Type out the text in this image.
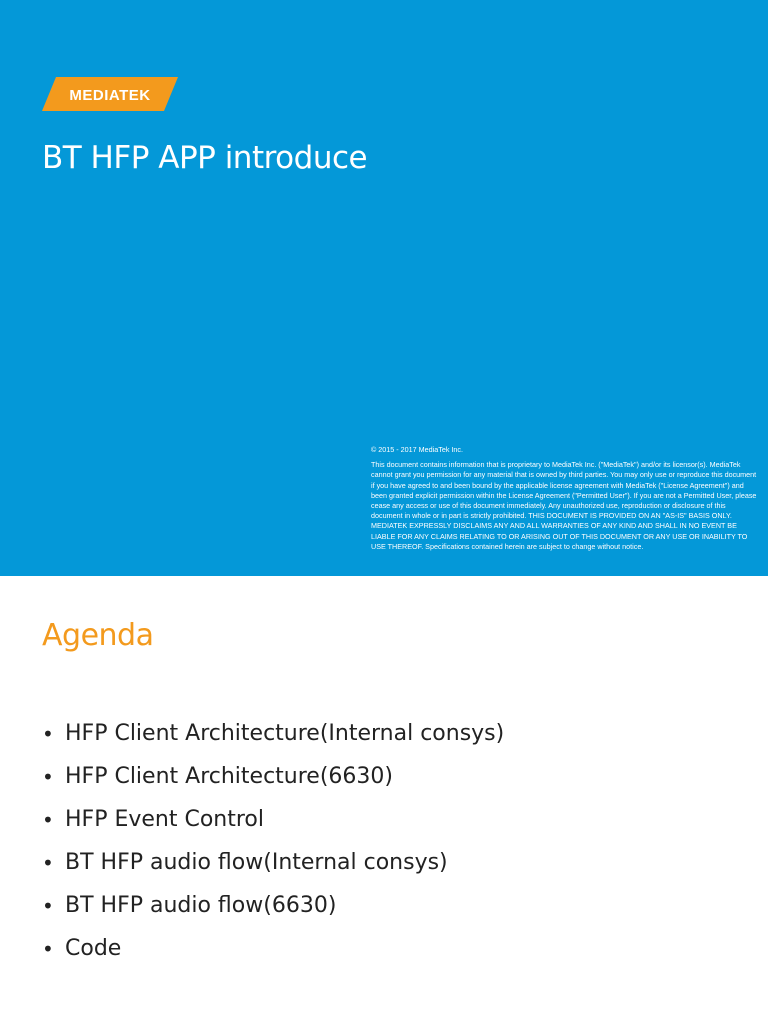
MEDIATEK
BT HFP APP introduce

© 2015 - 2017 MediaTek Inc.

This document contains information that is proprietary to MediaTek Inc. ("MediaTek") and/or its licensor(s). MediaTek cannot grant you permission for any material that is owned by third parties. You may only use or reproduce this document if you have agreed to and been bound by the applicable license agreement with MediaTek ("License Agreement") and been granted explicit permission within the License Agreement ("Permitted User"). If you are not a Permitted User, please cease any access or use of this document immediately. Any unauthorized use, reproduction or disclosure of this document in whole or in part is strictly prohibited. THIS DOCUMENT IS PROVIDED ON AN "AS-IS" BASIS ONLY. MEDIATEK EXPRESSLY DISCLAIMS ANY AND ALL WARRANTIES OF ANY KIND AND SHALL IN NO EVENT BE LIABLE FOR ANY CLAIMS RELATING TO OR ARISING OUT OF THIS DOCUMENT OR ANY USE OR INABILITY TO USE THEREOF. Specifications contained herein are subject to change without notice.

Agenda
• HFP Client Architecture(Internal consys)
• HFP Client Architecture(6630)
• HFP Event Control
• BT HFP audio flow(Internal consys)
• BT HFP audio flow(6630)
• Code
